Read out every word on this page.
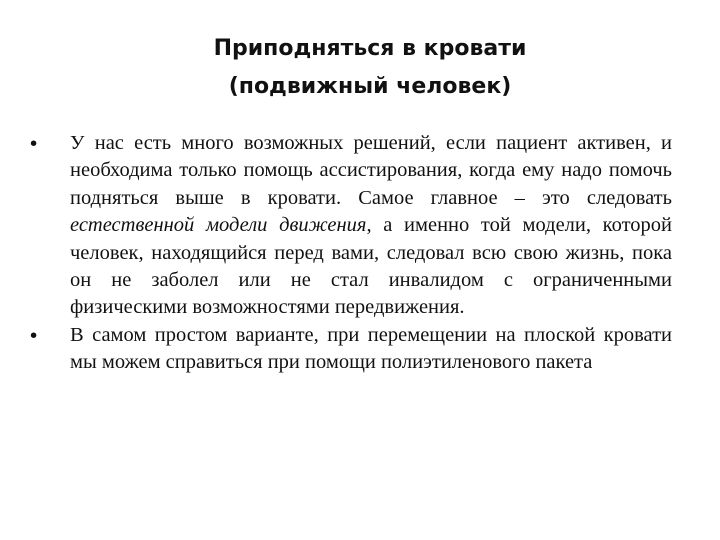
Приподняться в кровати
(подвижный человек)
•	У нас есть много возможных решений, если пациент активен, и необходима только помощь ассистирования, когда ему надо помочь подняться выше в кровати. Самое главное – это следовать естественной модели движения, а именно той модели, которой человек, находящийся перед вами, следовал всю свою жизнь, пока он не заболел или не стал инвалидом с ограниченными физическими возможностями передвижения.
•	В самом простом варианте, при перемещении на плоской кровати мы можем справиться при помощи полиэтиленового пакета
